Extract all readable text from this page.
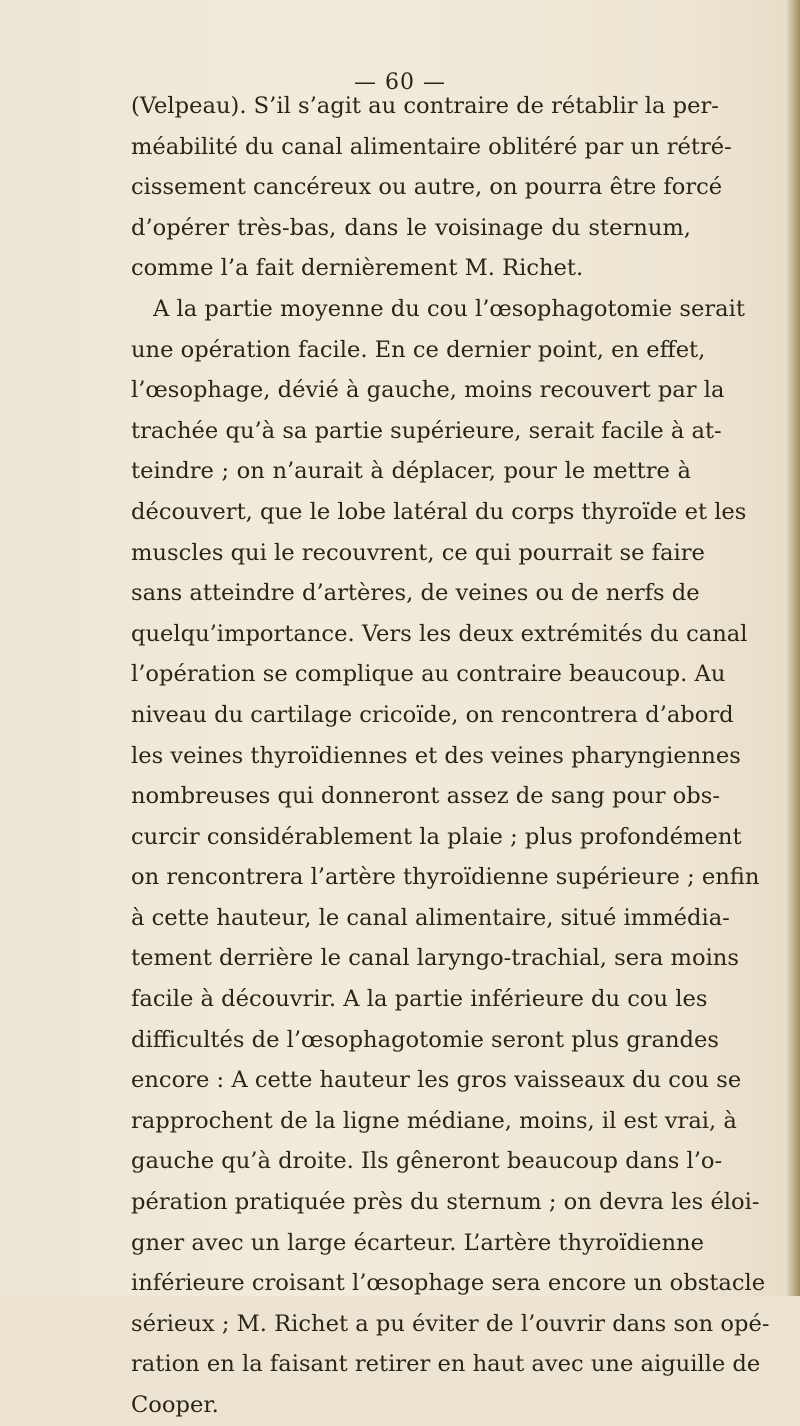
— 60 —
(Velpeau). S’il s’agit au contraire de rétablir la per-
méabilité du canal alimentaire oblitéré par un rétré-
cissement cancéreux ou autre, on pourra être forcé
d’opérer très-bas, dans le voisinage du sternum,
comme l’a fait dernièrement M. Richet.
A la partie moyenne du cou l’œsophagotomie serait
une opération facile. En ce dernier point, en effet,
l’œsophage, dévié à gauche, moins recouvert par la
trachée qu’à sa partie supérieure, serait facile à at-
teindre ; on n’aurait à déplacer, pour le mettre à
découvert, que le lobe latéral du corps thyroïde et les
muscles qui le recouvrent, ce qui pourrait se faire
sans atteindre d’artères, de veines ou de nerfs de
quelqu’importance. Vers les deux extrémités du canal
l’opération se complique au contraire beaucoup. Au
niveau du cartilage cricoïde, on rencontrera d’abord
les veines thyroïdiennes et des veines pharyngiennes
nombreuses qui donneront assez de sang pour obs-
curcir considérablement la plaie ; plus profondément
on rencontrera l’artère thyroïdienne supérieure ; enfin
à cette hauteur, le canal alimentaire, situé immédia-
tement derrière le canal laryngo-trachial, sera moins
facile à découvrir. A la partie inférieure du cou les
difficultés de l’œsophagotomie seront plus grandes
encore : A cette hauteur les gros vaisseaux du cou se
rapprochent de la ligne médiane, moins, il est vrai, à
gauche qu’à droite. Ils gêneront beaucoup dans l’o-
pération pratiquée près du sternum ; on devra les éloi-
gner avec un large écarteur. L’artère thyroïdienne
inférieure croisant l’œsophage sera encore un obstacle
sérieux ; M. Richet a pu éviter de l’ouvrir dans son opé-
ration en la faisant retirer en haut avec une aiguille de
Cooper.
